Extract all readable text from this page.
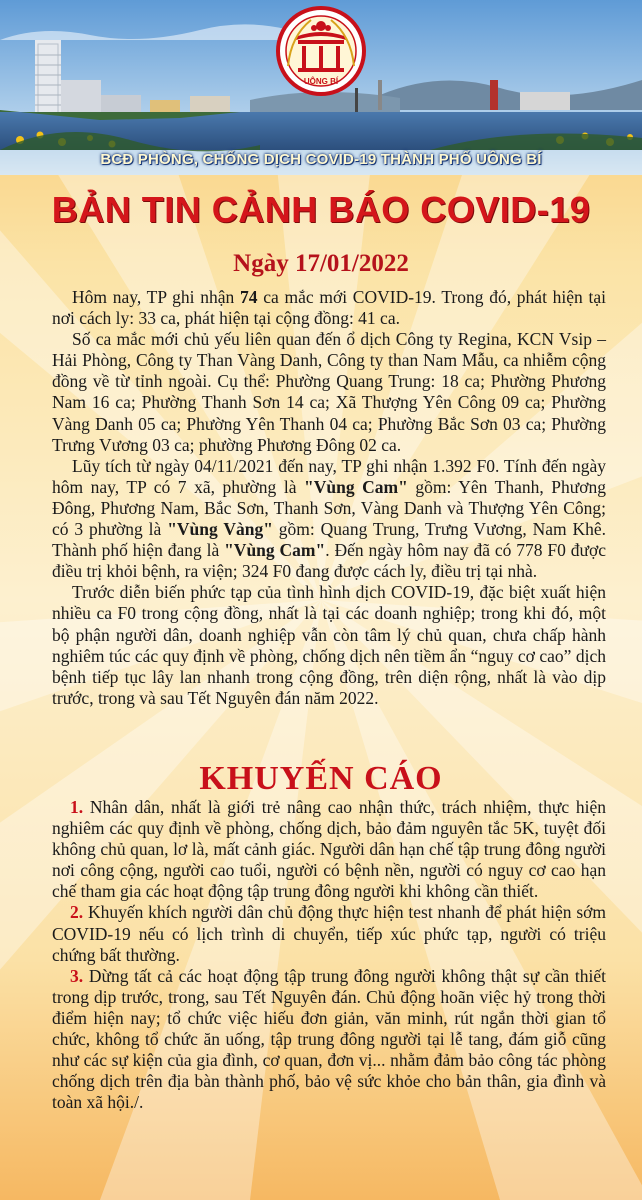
UÔNG BÍ
BCĐ PHÒNG, CHỐNG DỊCH COVID-19 THÀNH PHỐ UÔNG BÍ
BẢN TIN CẢNH BÁO COVID-19
Ngày 17/01/2022

Hôm nay, TP ghi nhận 74 ca mắc mới COVID-19. Trong đó, phát hiện tại nơi cách ly: 33 ca, phát hiện tại cộng đồng: 41 ca.

Số ca mắc mới chủ yếu liên quan đến ổ dịch Công ty Regina, KCN Vsip – Hải Phòng, Công ty Than Vàng Danh, Công ty than Nam Mẫu, ca nhiễm cộng đồng về từ tỉnh ngoài. Cụ thể: Phường Quang Trung: 18 ca; Phường Phương Nam 16 ca; Phường Thanh Sơn 14 ca; Xã Thượng Yên Công 09 ca; Phường Vàng Danh 05 ca; Phường Yên Thanh 04 ca; Phường Bắc Sơn 03 ca; Phường Trưng Vương 03 ca; phường Phương Đông 02 ca.

Lũy tích từ ngày 04/11/2021 đến nay, TP ghi nhận 1.392 F0. Tính đến ngày hôm nay, TP có 7 xã, phường là "Vùng Cam" gồm: Yên Thanh, Phương Đông, Phương Nam, Bắc Sơn, Thanh Sơn, Vàng Danh và Thượng Yên Công; có 3 phường là "Vùng Vàng" gồm: Quang Trung, Trưng Vương, Nam Khê. Thành phố hiện đang là "Vùng Cam". Đến ngày hôm nay đã có 778 F0 được điều trị khỏi bệnh, ra viện; 324 F0 đang được cách ly, điều trị tại nhà.

Trước diễn biến phức tạp của tình hình dịch COVID-19, đặc biệt xuất hiện nhiều ca F0 trong cộng đồng, nhất là tại các doanh nghiệp; trong khi đó, một bộ phận người dân, doanh nghiệp vẫn còn tâm lý chủ quan, chưa chấp hành nghiêm túc các quy định về phòng, chống dịch nên tiềm ẩn “nguy cơ cao” dịch bệnh tiếp tục lây lan nhanh trong cộng đồng, trên diện rộng, nhất là vào dịp trước, trong và sau Tết Nguyên đán năm 2022.

KHUYẾN CÁO

1. Nhân dân, nhất là giới trẻ nâng cao nhận thức, trách nhiệm, thực hiện nghiêm các quy định về phòng, chống dịch, bảo đảm nguyên tắc 5K, tuyệt đối không chủ quan, lơ là, mất cảnh giác. Người dân hạn chế tập trung đông người nơi công cộng, người cao tuổi, người có bệnh nền, người có nguy cơ cao hạn chế tham gia các hoạt động tập trung đông người khi không cần thiết.

2. Khuyến khích người dân chủ động thực hiện test nhanh để phát hiện sớm COVID-19 nếu có lịch trình di chuyển, tiếp xúc phức tạp, người có triệu chứng bất thường.

3. Dừng tất cả các hoạt động tập trung đông người không thật sự cần thiết trong dịp trước, trong, sau Tết Nguyên đán. Chủ động hoãn việc hỷ trong thời điểm hiện nay; tổ chức việc hiếu đơn giản, văn minh, rút ngắn thời gian tổ chức, không tổ chức ăn uống, tập trung đông người tại lễ tang, đám giỗ cũng như các sự kiện của gia đình, cơ quan, đơn vị... nhằm đảm bảo công tác phòng chống dịch trên địa bàn thành phố, bảo vệ sức khỏe cho bản thân, gia đình và toàn xã hội./.
